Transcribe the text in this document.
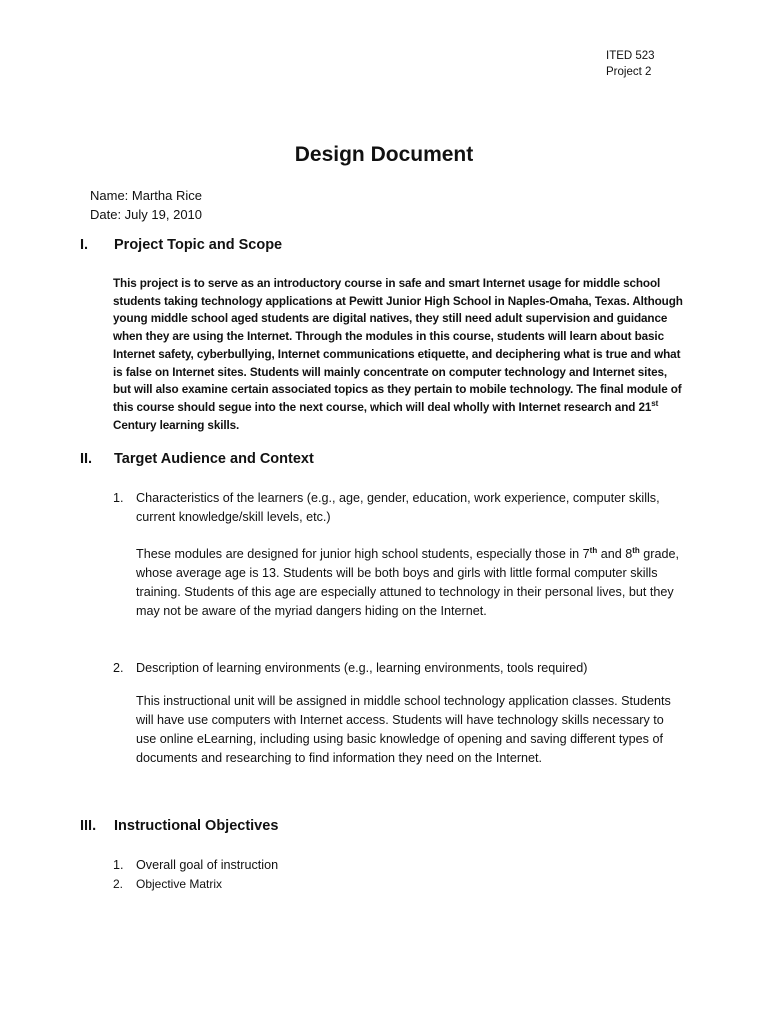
ITED 523
Project 2
Design Document
Name: Martha Rice
Date: July 19, 2010
I. Project Topic and Scope
This project is to serve as an introductory course in safe and smart Internet usage for middle school students taking technology applications at Pewitt Junior High School in Naples-Omaha, Texas. Although young middle school aged students are digital natives, they still need adult supervision and guidance when they are using the Internet. Through the modules in this course, students will learn about basic Internet safety, cyberbullying, Internet communications etiquette, and deciphering what is true and what is false on Internet sites. Students will mainly concentrate on computer technology and Internet sites, but will also examine certain associated topics as they pertain to mobile technology. The final module of this course should segue into the next course, which will deal wholly with Internet research and 21st Century learning skills.
II. Target Audience and Context
1. Characteristics of the learners (e.g., age, gender, education, work experience, computer skills, current knowledge/skill levels, etc.)
These modules are designed for junior high school students, especially those in 7th and 8th grade, whose average age is 13. Students will be both boys and girls with little formal computer skills training. Students of this age are especially attuned to technology in their personal lives, but they may not be aware of the myriad dangers hiding on the Internet.
2. Description of learning environments (e.g., learning environments, tools required)
This instructional unit will be assigned in middle school technology application classes. Students will have use computers with Internet access. Students will have technology skills necessary to use online eLearning, including using basic knowledge of opening and saving different types of documents and researching to find information they need on the Internet.
III. Instructional Objectives
1. Overall goal of instruction
2. Objective Matrix
